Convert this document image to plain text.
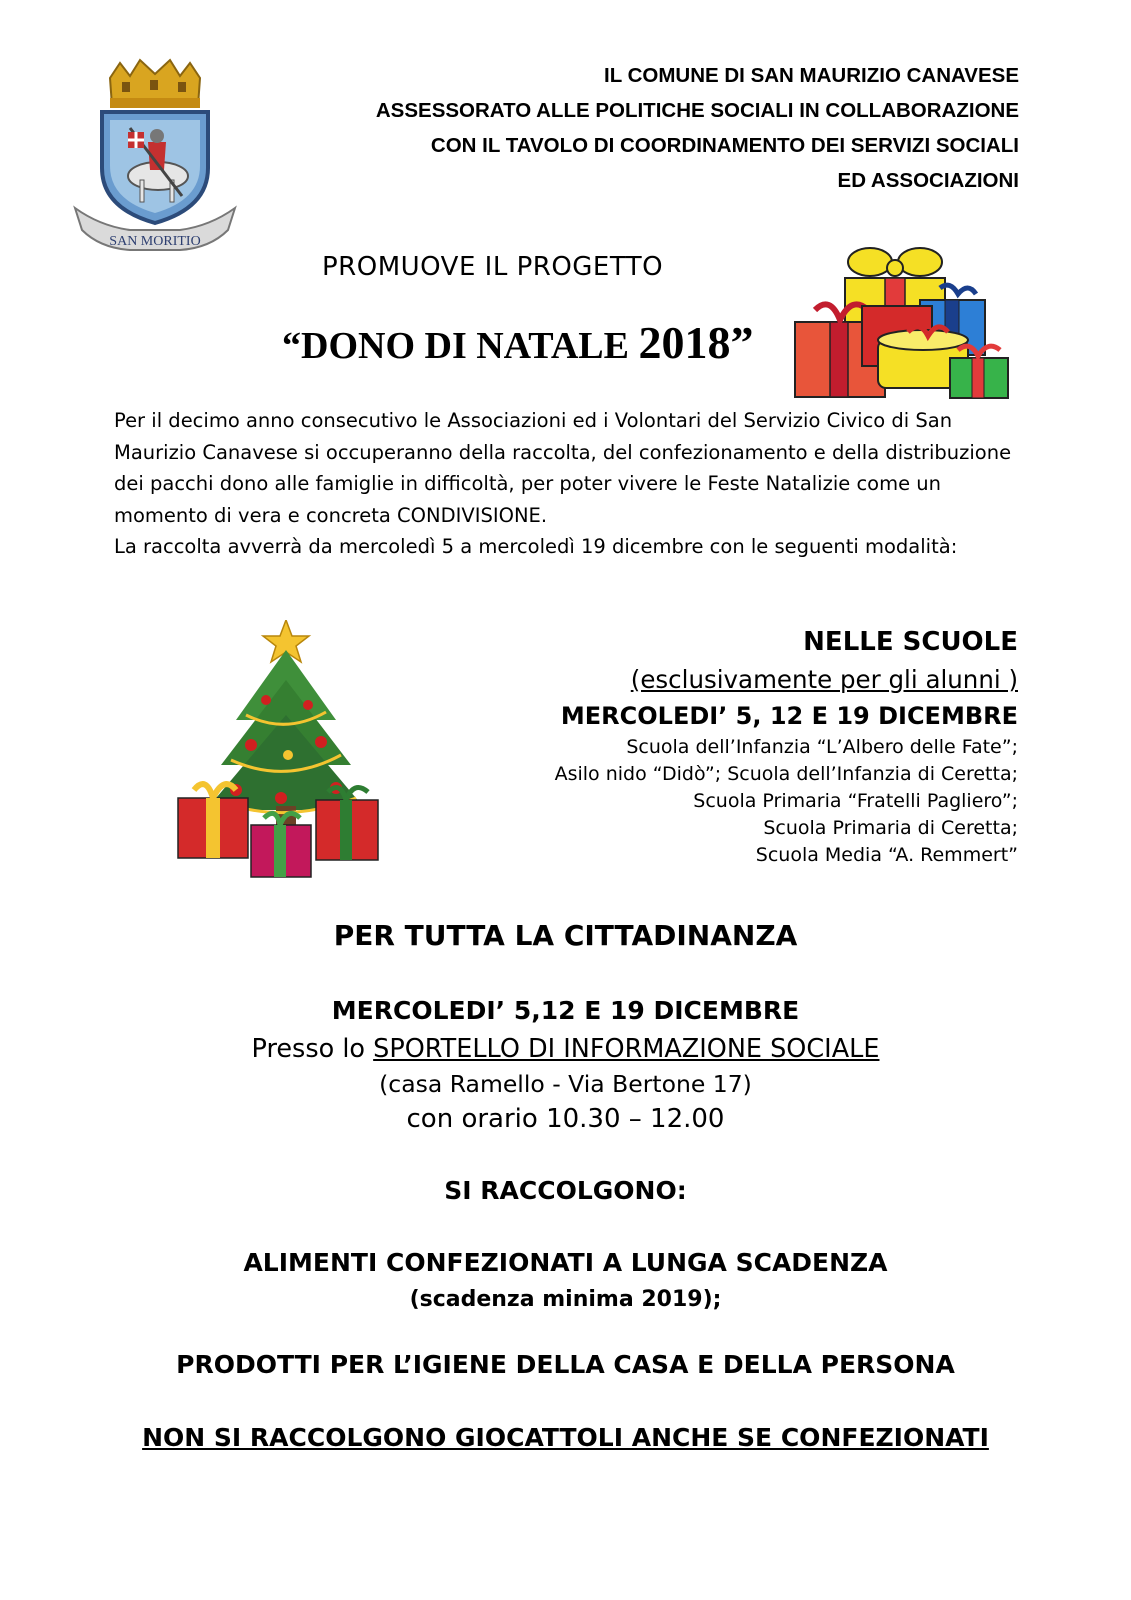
SAN MORITIO
IL COMUNE DI SAN MAURIZIO CANAVESE
ASSESSORATO ALLE POLITICHE SOCIALI IN COLLABORAZIONE
CON IL TAVOLO DI COORDINAMENTO DEI SERVIZI SOCIALI
ED ASSOCIAZIONI
PROMUOVE IL PROGETTO
“DONO DI NATALE 2018”

Per il decimo anno consecutivo le Associazioni ed i Volontari del Servizio Civico di San Maurizio Canavese si occuperanno della raccolta, del confezionamento e della distribuzione dei pacchi dono alle famiglie in difficoltà, per poter vivere le Feste Natalizie come un momento di vera e concreta CONDIVISIONE.

La raccolta avverrà da mercoledì 5 a mercoledì 19 dicembre con le seguenti modalità:

NELLE SCUOLE
(esclusivamente per gli alunni )
MERCOLEDI’ 5, 12 E 19 DICEMBRE
Scuola dell’Infanzia “L’Albero delle Fate”;
Asilo nido “Didò”; Scuola dell’Infanzia di Ceretta;
Scuola Primaria “Fratelli Pagliero”;
Scuola Primaria di Ceretta;
Scuola Media “A. Remmert”
PER TUTTA LA CITTADINANZA
MERCOLEDI’ 5,12 E 19 DICEMBRE
Presso lo SPORTELLO DI INFORMAZIONE SOCIALE
(casa Ramello - Via Bertone 17)
con orario 10.30 – 12.00
SI RACCOLGONO:
ALIMENTI CONFEZIONATI A LUNGA SCADENZA
(scadenza minima 2019);
PRODOTTI PER L’IGIENE DELLA CASA E DELLA PERSONA
NON SI RACCOLGONO GIOCATTOLI ANCHE SE CONFEZIONATI
